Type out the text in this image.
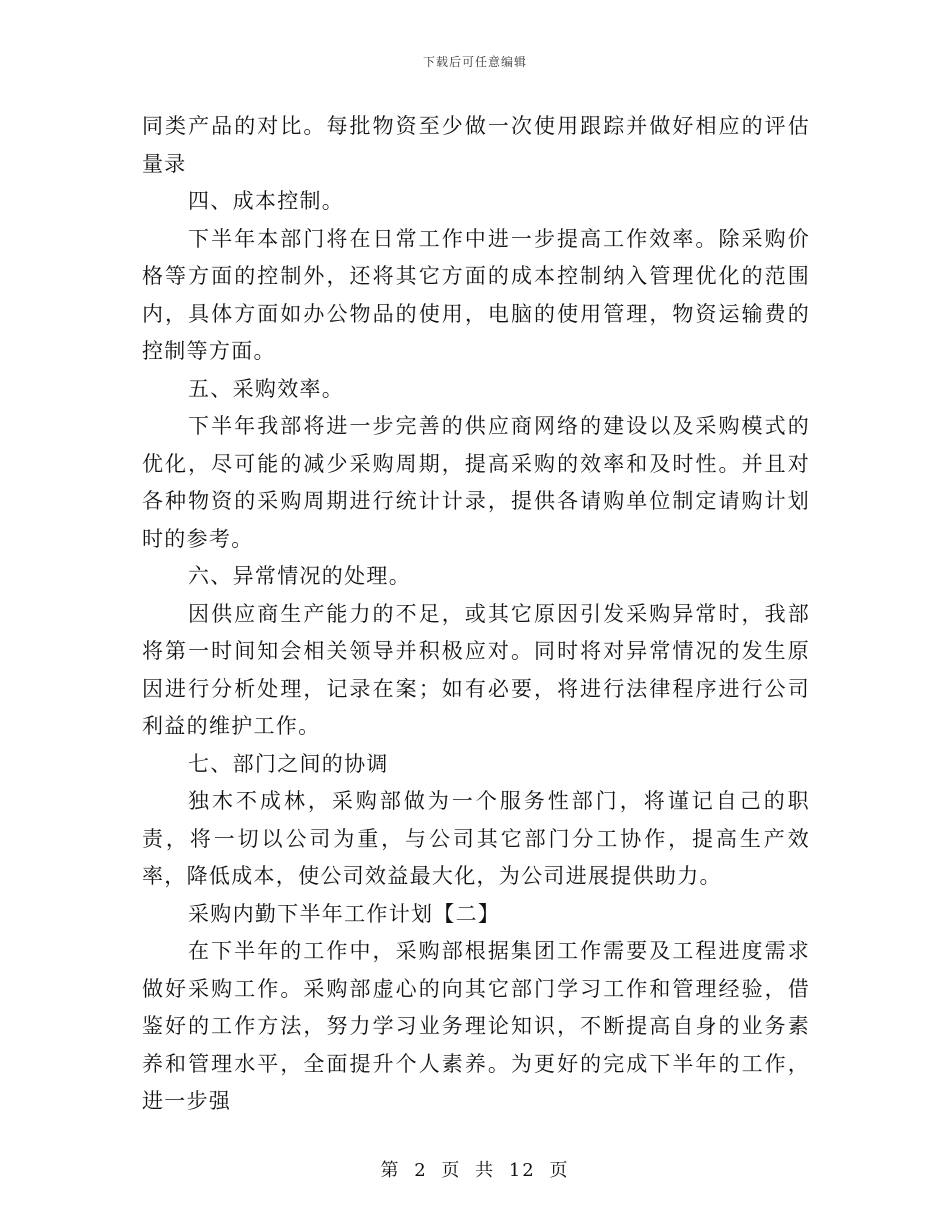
下载后可任意编辑

同类产品的对比。每批物资至少做一次使用跟踪并做好相应的评估量录

四、成本控制。

下半年本部门将在日常工作中进一步提高工作效率。除采购价格等方面的控制外，还将其它方面的成本控制纳入管理优化的范围内，具体方面如办公物品的使用，电脑的使用管理，物资运输费的控制等方面。

五、采购效率。

下半年我部将进一步完善的供应商网络的建设以及采购模式的优化，尽可能的减少采购周期，提高采购的效率和及时性。并且对各种物资的采购周期进行统计计录，提供各请购单位制定请购计划时的参考。

六、异常情况的处理。

因供应商生产能力的不足，或其它原因引发采购异常时，我部将第一时间知会相关领导并积极应对。同时将对异常情况的发生原因进行分析处理，记录在案；如有必要，将进行法律程序进行公司利益的维护工作。

七、部门之间的协调

独木不成林，采购部做为一个服务性部门，将谨记自己的职责，将一切以公司为重，与公司其它部门分工协作，提高生产效率，降低成本，使公司效益最大化，为公司进展提供助力。

采购内勤下半年工作计划【二】

在下半年的工作中，采购部根据集团工作需要及工程进度需求做好采购工作。采购部虚心的向其它部门学习工作和管理经验，借鉴好的工作方法，努力学习业务理论知识，不断提高自身的业务素养和管理水平，全面提升个人素养。为更好的完成下半年的工作，进一步强

第 2 页 共 12 页
